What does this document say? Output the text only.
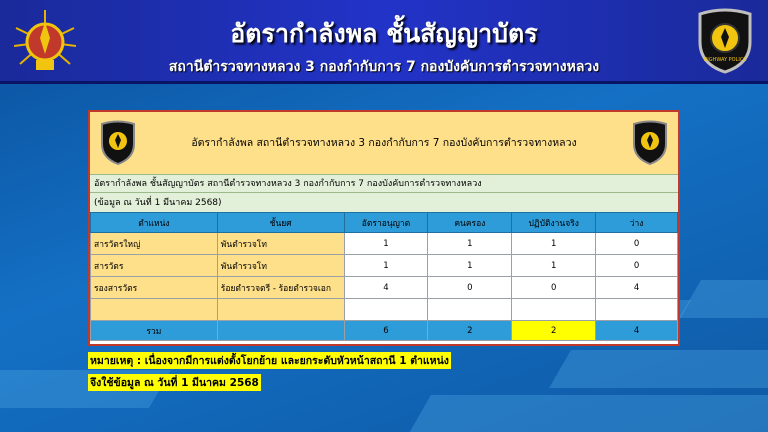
อัตรากำลังพล ชั้นสัญญาบัตร
สถานีตำรวจทางหลวง 3 กองกำกับการ 7 กองบังคับการตำรวจทางหลวง	HIGHWAY POLICE
อัตรากำลังพล สถานีตำรวจทางหลวง 3 กองกำกับการ 7 กองบังคับการตำรวจทางหลวง
อัตรากำลังพล ชั้นสัญญาบัตร สถานีตำรวจทางหลวง 3 กองกำกับการ 7 กองบังคับการตำรวจทางหลวง
(ข้อมูล ณ วันที่ 1 มีนาคม 2568)
ตำแหน่ง	ชั้นยศ	อัตราอนุญาต	คนครอง	ปฏิบัติงานจริง	ว่าง
สารวัตรใหญ่	พันตำรวจโท	1	1	1	0
สารวัตร	พันตำรวจโท	1	1	1	0
รองสารวัตร	ร้อยตำรวจตรี - ร้อยตำรวจเอก	4	0	0	4

รวม		6	2	2	4
หมายเหตุ : เนื่องจากมีการแต่งตั้งโยกย้าย และยกระดับหัวหน้าสถานี 1 ตำแหน่ง
จึงใช้ข้อมูล ณ วันที่ 1 มีนาคม 2568
